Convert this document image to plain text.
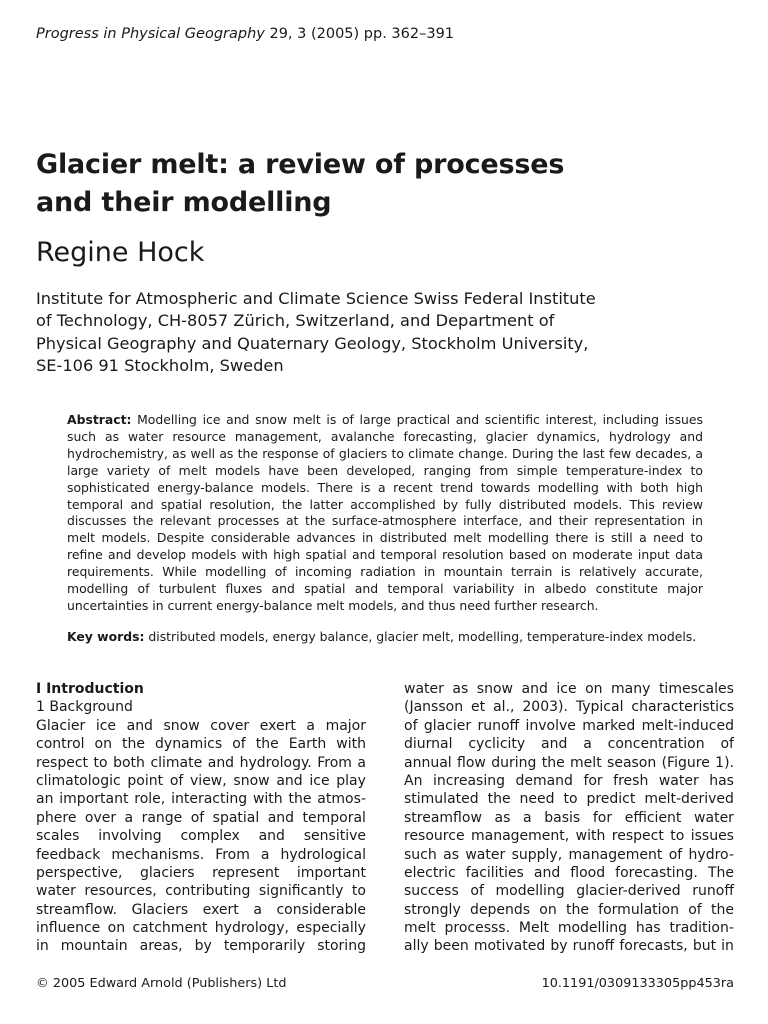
Progress in Physical Geography 29, 3 (2005) pp. 362–391
Glacier melt: a review of processes
and their modelling
Regine Hock
Institute for Atmospheric and Climate Science Swiss Federal Institute
of Technology, CH-8057 Zürich, Switzerland, and Department of
Physical Geography and Quaternary Geology, Stockholm University,
SE-106 91 Stockholm, Sweden
Abstract: Modelling ice and snow melt is of large practical and scientific interest, including issues such as water resource management, avalanche forecasting, glacier dynamics, hydrology and hydrochemistry, as well as the response of glaciers to climate change. During the last few decades, a large variety of melt models have been developed, ranging from simple temperature-index to sophisticated energy-balance models. There is a recent trend towards modelling with both high temporal and spatial resolution, the latter accomplished by fully distributed models. This review discusses the relevant processes at the surface-atmosphere interface, and their representation in melt models. Despite considerable advances in distributed melt modelling there is still a need to refine and develop models with high spatial and temporal resolution based on moderate input data requirements. While modelling of incoming radiation in mountain terrain is relatively accurate, modelling of turbulent fluxes and spatial and temporal variability in albedo constitute major uncertainties in current energy-balance melt models, and thus need further research.
Key words: distributed models, energy balance, glacier melt, modelling, temperature-index models.
I Introduction
1 Background
Glacier ice and snow cover exert a major
control on the dynamics of the Earth with
respect to both climate and hydrology. From a
climatologic point of view, snow and ice play
an important role, interacting with the atmos-
phere over a range of spatial and temporal
scales involving complex and sensitive
feedback mechanisms. From a hydrological
perspective, glaciers represent important
water resources, contributing significantly to
streamflow. Glaciers exert a considerable
influence on catchment hydrology, especially
in mountain areas, by temporarily storing
water as snow and ice on many timescales
(Jansson et al., 2003). Typical characteristics
of glacier runoff involve marked melt-induced
diurnal cyclicity and a concentration of
annual flow during the melt season (Figure 1).
An increasing demand for fresh water has
stimulated the need to predict melt-derived
streamflow as a basis for efficient water
resource management, with respect to issues
such as water supply, management of hydro-
electric facilities and flood forecasting. The
success of modelling glacier-derived runoff
strongly depends on the formulation of the
melt processs. Melt modelling has tradition-
ally been motivated by runoff forecasts, but in
© 2005 Edward Arnold (Publishers) Ltd	10.1191/0309133305pp453ra
